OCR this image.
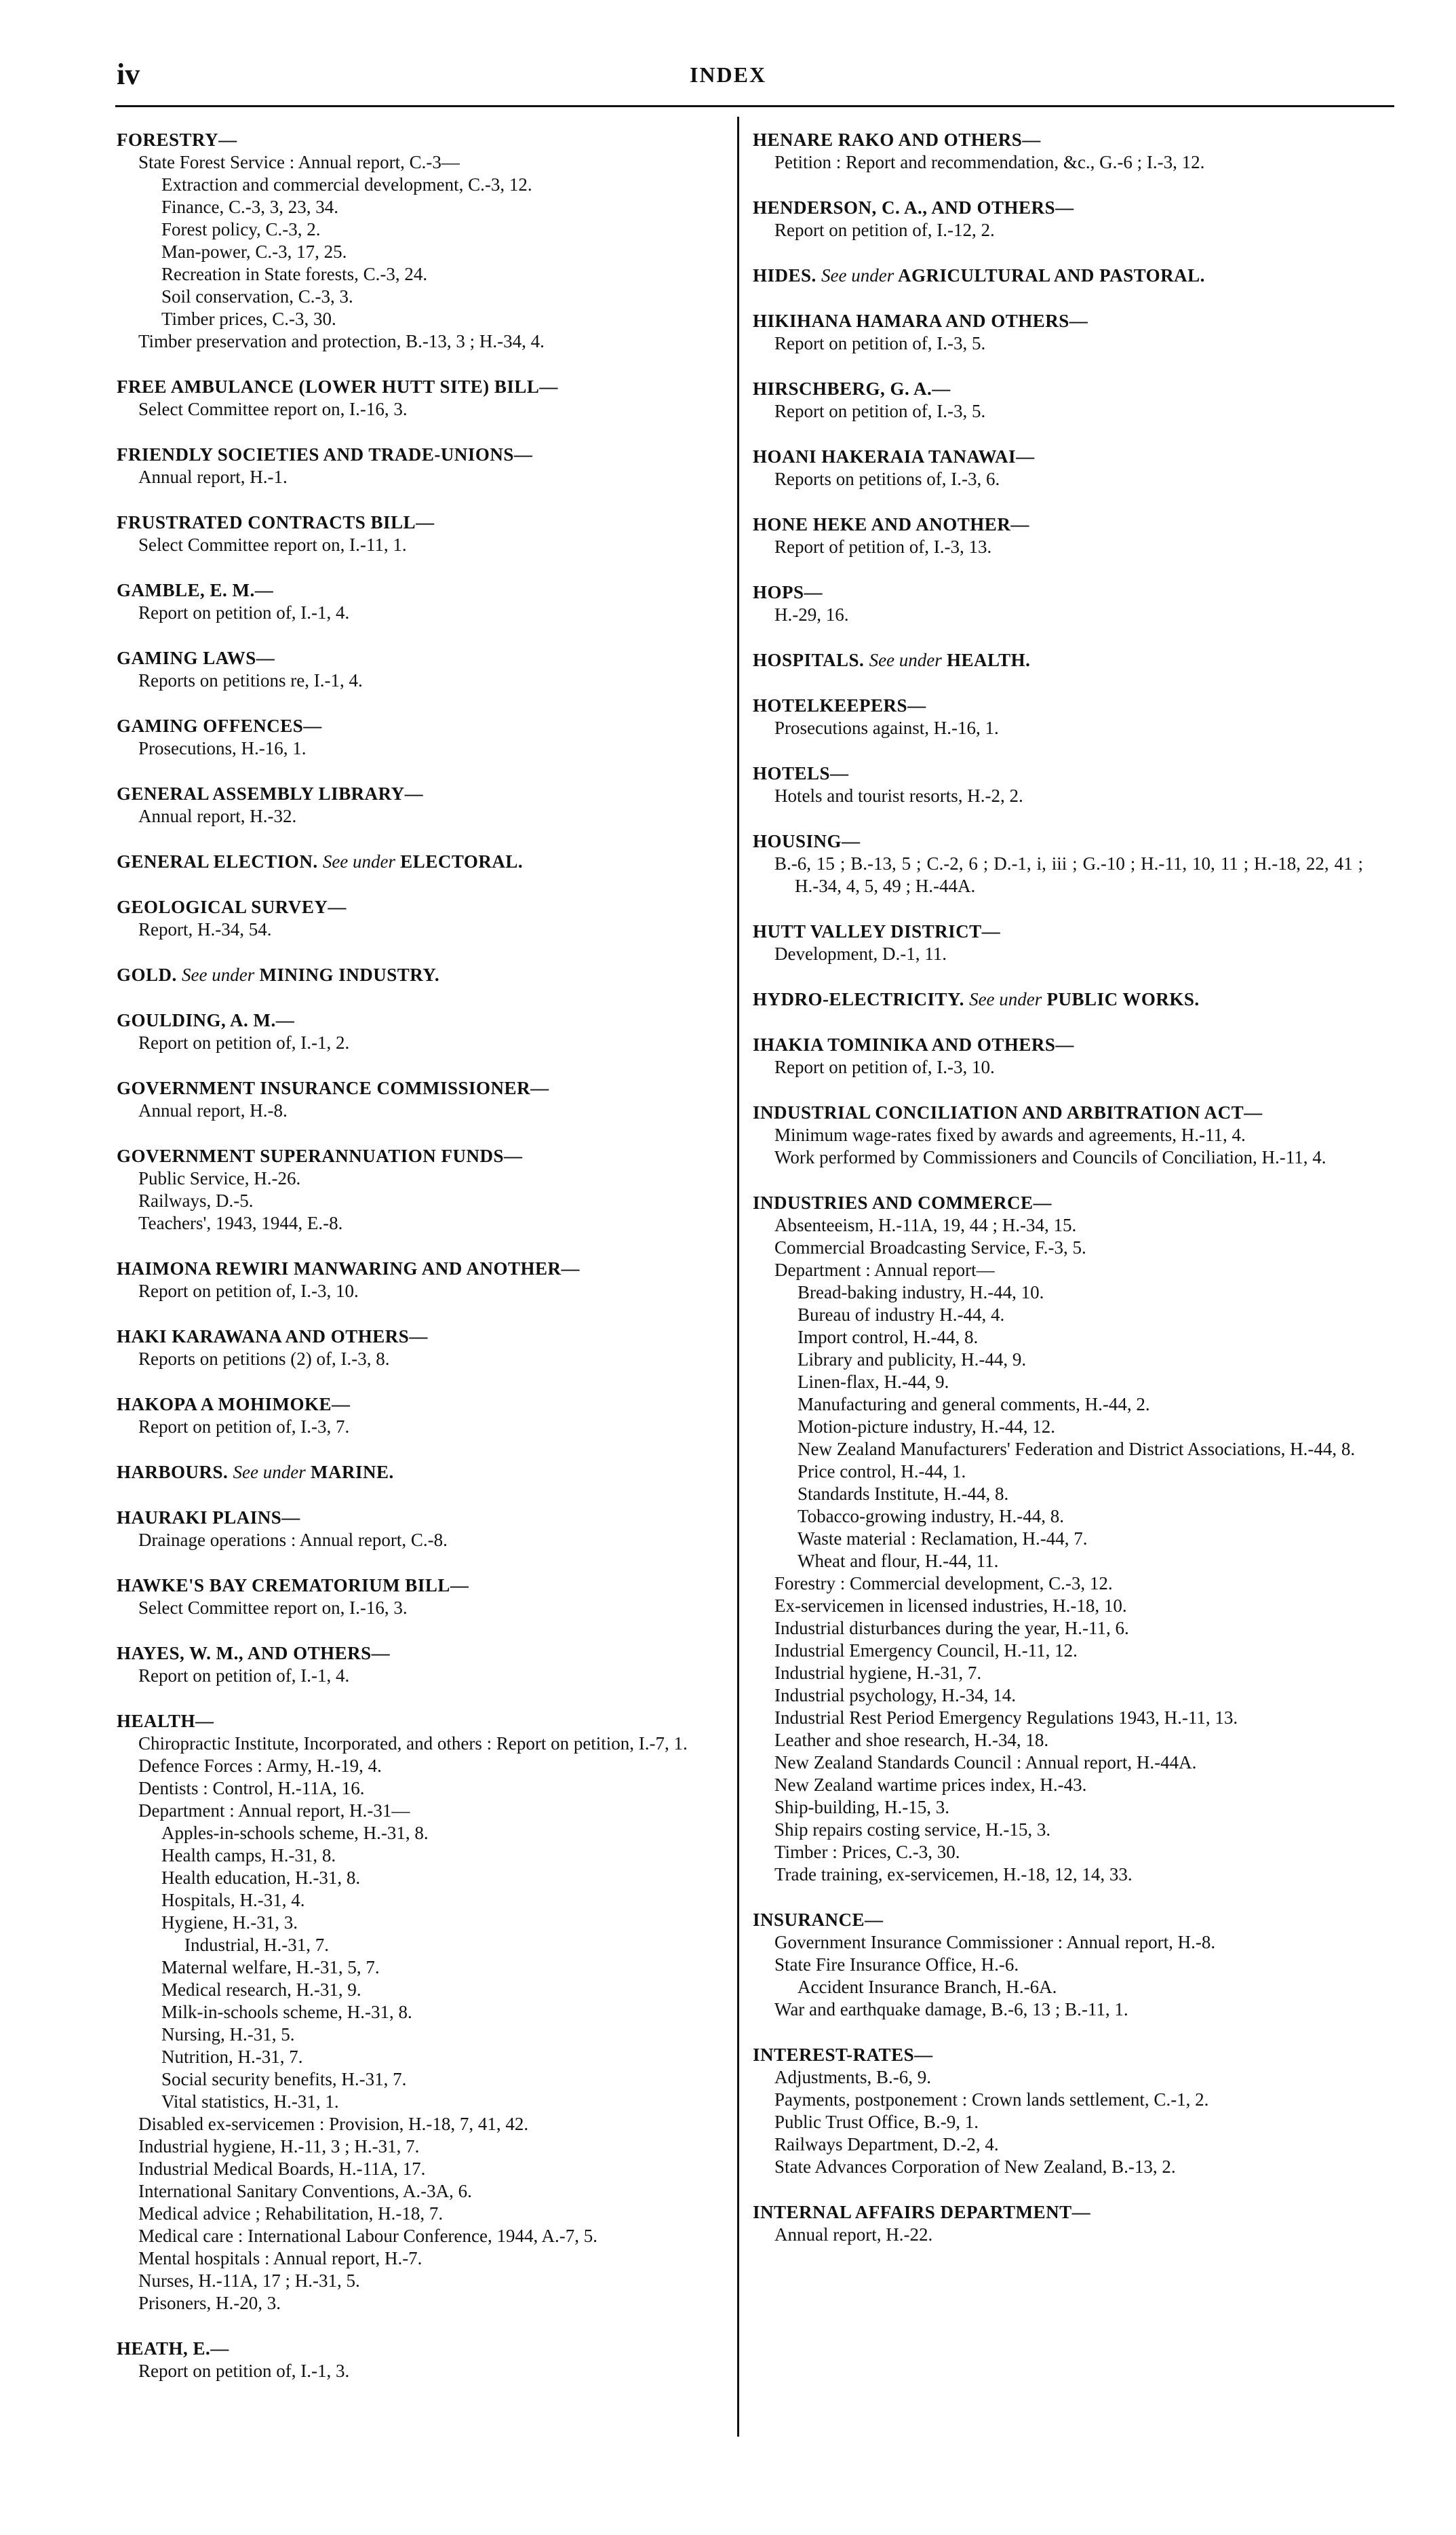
iv	INDEX
FORESTRY—
State Forest Service : Annual report, C.-3—
Extraction and commercial development, C.-3, 12.
Finance, C.-3, 3, 23, 34.
Forest policy, C.-3, 2.
Man-power, C.-3, 17, 25.
Recreation in State forests, C.-3, 24.
Soil conservation, C.-3, 3.
Timber prices, C.-3, 30.
Timber preservation and protection, B.-13, 3 ; H.-34, 4.
FREE AMBULANCE (LOWER HUTT SITE) BILL—
Select Committee report on, I.-16, 3.
FRIENDLY SOCIETIES AND TRADE-UNIONS—
Annual report, H.-1.
FRUSTRATED CONTRACTS BILL—
Select Committee report on, I.-11, 1.
GAMBLE, E. M.—
Report on petition of, I.-1, 4.
GAMING LAWS—
Reports on petitions re, I.-1, 4.
GAMING OFFENCES—
Prosecutions, H.-16, 1.
GENERAL ASSEMBLY LIBRARY—
Annual report, H.-32.
GENERAL ELECTION. See under ELECTORAL.
GEOLOGICAL SURVEY—
Report, H.-34, 54.
GOLD. See under MINING INDUSTRY.
GOULDING, A. M.—
Report on petition of, I.-1, 2.
GOVERNMENT INSURANCE COMMISSIONER—
Annual report, H.-8.
GOVERNMENT SUPERANNUATION FUNDS—
Public Service, H.-26.
Railways, D.-5.
Teachers', 1943, 1944, E.-8.
HAIMONA REWIRI MANWARING AND ANOTHER—
Report on petition of, I.-3, 10.
HAKI KARAWANA AND OTHERS—
Reports on petitions (2) of, I.-3, 8.
HAKOPA A MOHIMOKE—
Report on petition of, I.-3, 7.
HARBOURS. See under MARINE.
HAURAKI PLAINS—
Drainage operations : Annual report, C.-8.
HAWKE'S BAY CREMATORIUM BILL—
Select Committee report on, I.-16, 3.
HAYES, W. M., AND OTHERS—
Report on petition of, I.-1, 4.
HEALTH—
Chiropractic Institute, Incorporated, and others : Report on petition, I.-7, 1.
Defence Forces : Army, H.-19, 4.
Dentists : Control, H.-11A, 16.
Department : Annual report, H.-31—
Apples-in-schools scheme, H.-31, 8.
Health camps, H.-31, 8.
Health education, H.-31, 8.
Hospitals, H.-31, 4.
Hygiene, H.-31, 3.
Industrial, H.-31, 7.
Maternal welfare, H.-31, 5, 7.
Medical research, H.-31, 9.
Milk-in-schools scheme, H.-31, 8.
Nursing, H.-31, 5.
Nutrition, H.-31, 7.
Social security benefits, H.-31, 7.
Vital statistics, H.-31, 1.
Disabled ex-servicemen : Provision, H.-18, 7, 41, 42.
Industrial hygiene, H.-11, 3 ; H.-31, 7.
Industrial Medical Boards, H.-11A, 17.
International Sanitary Conventions, A.-3A, 6.
Medical advice ; Rehabilitation, H.-18, 7.
Medical care : International Labour Conference, 1944, A.-7, 5.
Mental hospitals : Annual report, H.-7.
Nurses, H.-11A, 17 ; H.-31, 5.
Prisoners, H.-20, 3.
HEATH, E.—
Report on petition of, I.-1, 3.
HENARE RAKO AND OTHERS—
Petition : Report and recommendation, &c., G.-6 ; I.-3, 12.
HENDERSON, C. A., AND OTHERS—
Report on petition of, I.-12, 2.
HIDES. See under AGRICULTURAL AND PASTORAL.
HIKIHANA HAMARA AND OTHERS—
Report on petition of, I.-3, 5.
HIRSCHBERG, G. A.—
Report on petition of, I.-3, 5.
HOANI HAKERAIA TANAWAI—
Reports on petitions of, I.-3, 6.
HONE HEKE AND ANOTHER—
Report of petition of, I.-3, 13.
HOPS—
H.-29, 16.
HOSPITALS. See under HEALTH.
HOTELKEEPERS—
Prosecutions against, H.-16, 1.
HOTELS—
Hotels and tourist resorts, H.-2, 2.
HOUSING—
B.-6, 15 ; B.-13, 5 ; C.-2, 6 ; D.-1, i, iii ; G.-10 ; H.-11, 10, 11 ; H.-18, 22, 41 ; H.-34, 4, 5, 49 ; H.-44A.
HUTT VALLEY DISTRICT—
Development, D.-1, 11.
HYDRO-ELECTRICITY. See under PUBLIC WORKS.
IHAKIA TOMINIKA AND OTHERS—
Report on petition of, I.-3, 10.
INDUSTRIAL CONCILIATION AND ARBITRATION ACT—
Minimum wage-rates fixed by awards and agreements, H.-11, 4.
Work performed by Commissioners and Councils of Conciliation, H.-11, 4.
INDUSTRIES AND COMMERCE—
Absenteeism, H.-11A, 19, 44 ; H.-34, 15.
Commercial Broadcasting Service, F.-3, 5.
Department : Annual report—
Bread-baking industry, H.-44, 10.
Bureau of industry H.-44, 4.
Import control, H.-44, 8.
Library and publicity, H.-44, 9.
Linen-flax, H.-44, 9.
Manufacturing and general comments, H.-44, 2.
Motion-picture industry, H.-44, 12.
New Zealand Manufacturers' Federation and District Associations, H.-44, 8.
Price control, H.-44, 1.
Standards Institute, H.-44, 8.
Tobacco-growing industry, H.-44, 8.
Waste material : Reclamation, H.-44, 7.
Wheat and flour, H.-44, 11.
Forestry : Commercial development, C.-3, 12.
Ex-servicemen in licensed industries, H.-18, 10.
Industrial disturbances during the year, H.-11, 6.
Industrial Emergency Council, H.-11, 12.
Industrial hygiene, H.-31, 7.
Industrial psychology, H.-34, 14.
Industrial Rest Period Emergency Regulations 1943, H.-11, 13.
Leather and shoe research, H.-34, 18.
New Zealand Standards Council : Annual report, H.-44A.
New Zealand wartime prices index, H.-43.
Ship-building, H.-15, 3.
Ship repairs costing service, H.-15, 3.
Timber : Prices, C.-3, 30.
Trade training, ex-servicemen, H.-18, 12, 14, 33.
INSURANCE—
Government Insurance Commissioner : Annual report, H.-8.
State Fire Insurance Office, H.-6.
Accident Insurance Branch, H.-6A.
War and earthquake damage, B.-6, 13 ; B.-11, 1.
INTEREST-RATES—
Adjustments, B.-6, 9.
Payments, postponement : Crown lands settlement, C.-1, 2.
Public Trust Office, B.-9, 1.
Railways Department, D.-2, 4.
State Advances Corporation of New Zealand, B.-13, 2.
INTERNAL AFFAIRS DEPARTMENT—
Annual report, H.-22.
